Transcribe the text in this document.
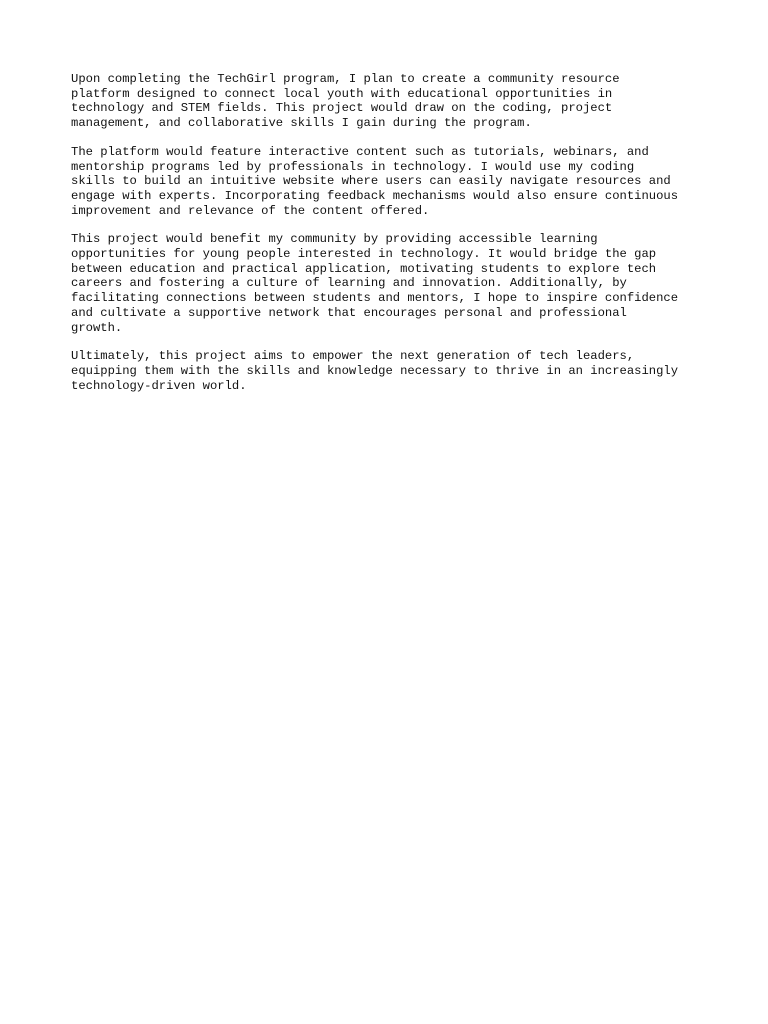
Upon completing the TechGirl program, I plan to create a community resource
platform designed to connect local youth with educational opportunities in
technology and STEM fields. This project would draw on the coding, project
management, and collaborative skills I gain during the program.

The platform would feature interactive content such as tutorials, webinars, and
mentorship programs led by professionals in technology. I would use my coding
skills to build an intuitive website where users can easily navigate resources and
engage with experts. Incorporating feedback mechanisms would also ensure continuous
improvement and relevance of the content offered.

This project would benefit my community by providing accessible learning
opportunities for young people interested in technology. It would bridge the gap
between education and practical application, motivating students to explore tech
careers and fostering a culture of learning and innovation. Additionally, by
facilitating connections between students and mentors, I hope to inspire confidence
and cultivate a supportive network that encourages personal and professional
growth.

Ultimately, this project aims to empower the next generation of tech leaders,
equipping them with the skills and knowledge necessary to thrive in an increasingly
technology-driven world.
